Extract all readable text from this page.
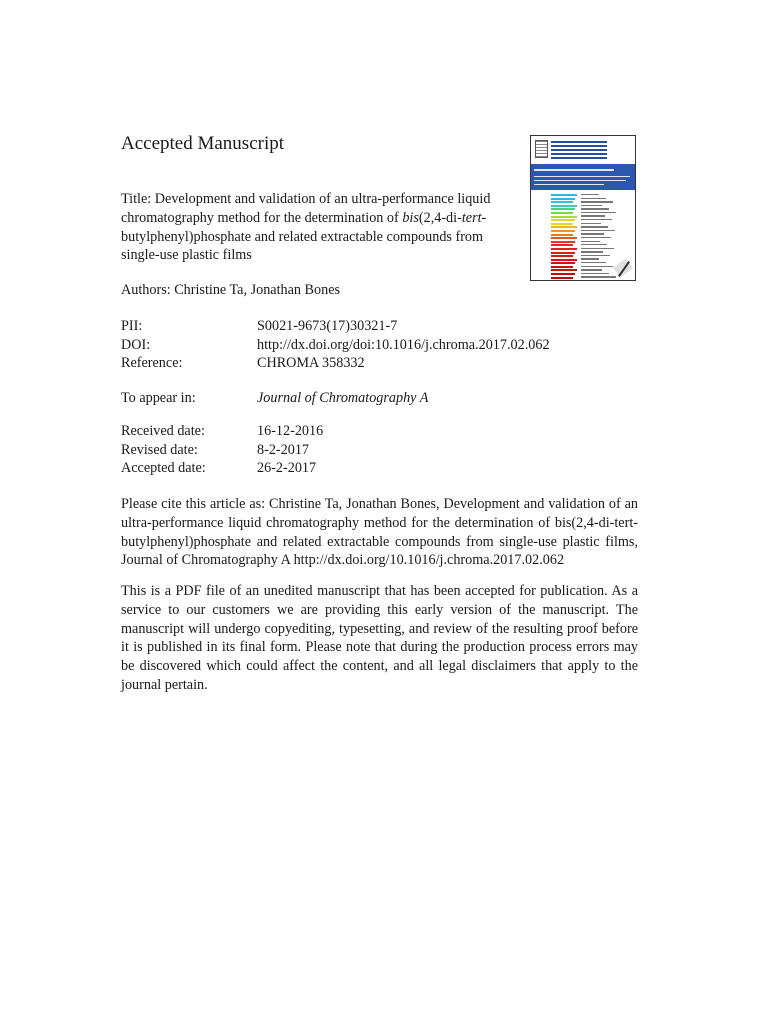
Accepted Manuscript
Title: Development and validation of an ultra-performance liquid chromatography method for the determination of bis(2,4-di-tert-butylphenyl)phosphate and related extractable compounds from single-use plastic films
Authors: Christine Ta, Jonathan Bones
PII:	S0021-9673(17)30321-7
DOI:	http://dx.doi.org/doi:10.1016/j.chroma.2017.02.062
Reference:	CHROMA 358332
To appear in:	Journal of Chromatography A
Received date:	16-12-2016
Revised date:	8-2-2017
Accepted date:	26-2-2017

Please cite this article as: Christine Ta, Jonathan Bones, Development and validation of an ultra-performance liquid chromatography method for the determination of bis(2,4-di-tert-butylphenyl)phosphate and related extractable compounds from single-use plastic films, Journal of Chromatography A http://dx.doi.org/10.1016/j.chroma.2017.02.062

This is a PDF file of an unedited manuscript that has been accepted for publication. As a service to our customers we are providing this early version of the manuscript. The manuscript will undergo copyediting, typesetting, and review of the resulting proof before it is published in its final form. Please note that during the production process errors may be discovered which could affect the content, and all legal disclaimers that apply to the journal pertain.
